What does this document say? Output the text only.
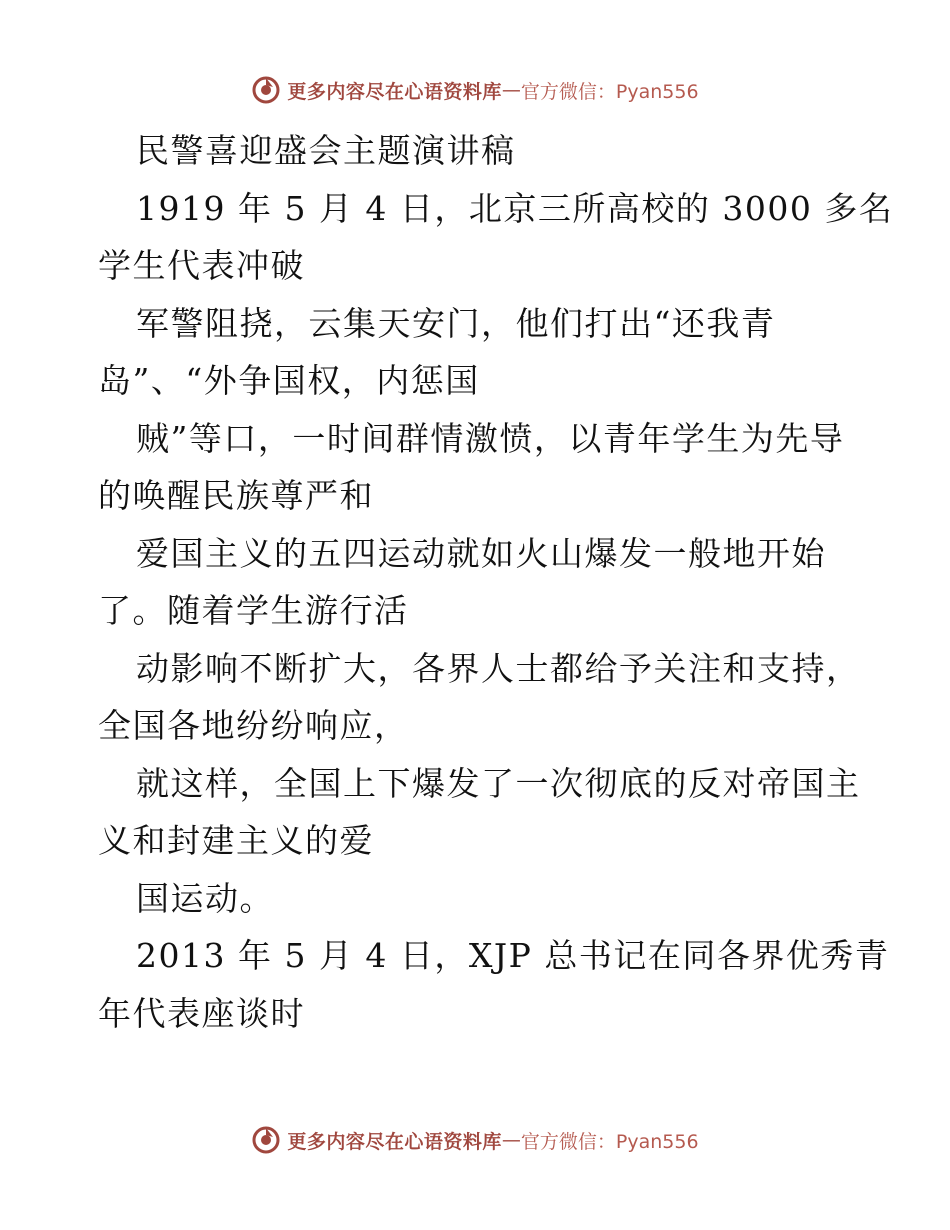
更多内容尽在心语资料库 — 官方微信：Pyan556
民警喜迎盛会主题演讲稿
1919 年 5 月 4 日，北京三所高校的 3000 多名
学生代表冲破
军警阻挠，云集天安门，他们打出“还我青
岛”、“外争国权，内惩国
贼”等口，一时间群情激愤，以青年学生为先导
的唤醒民族尊严和
爱国主义的五四运动就如火山爆发一般地开始
了。随着学生游行活
动影响不断扩大，各界人士都给予关注和支持，
全国各地纷纷响应，
就这样，全国上下爆发了一次彻底的反对帝国主
义和封建主义的爱
国运动。
2013 年 5 月 4 日，XJP 总书记在同各界优秀青
年代表座谈时
更多内容尽在心语资料库 — 官方微信：Pyan556
